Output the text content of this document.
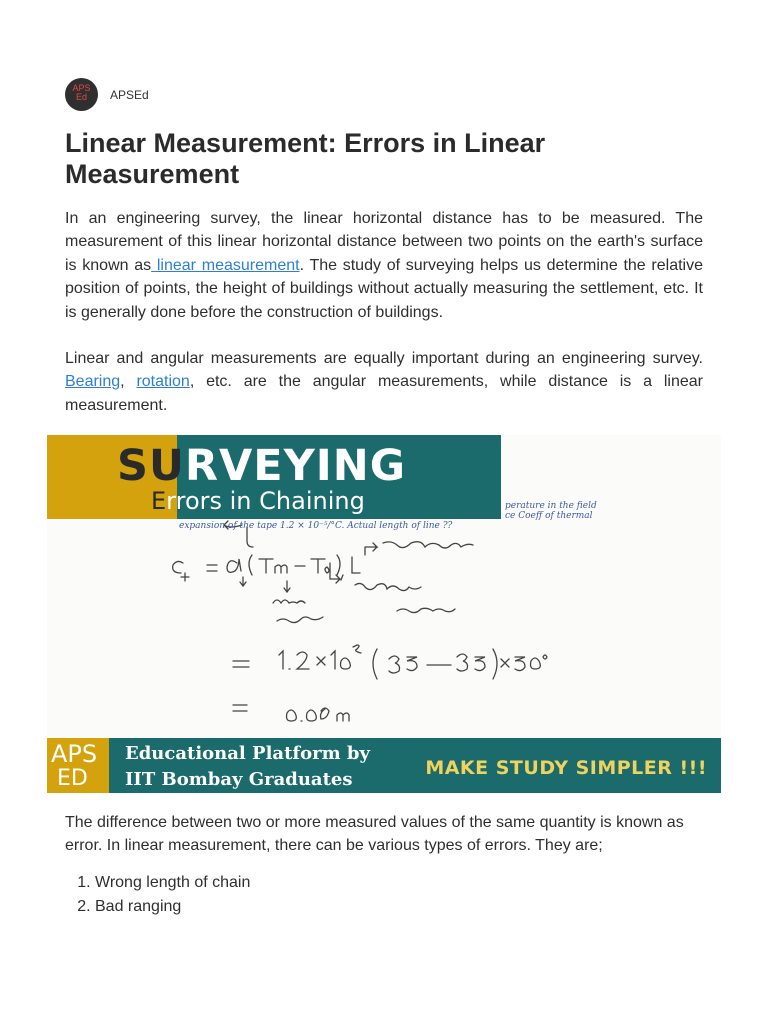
APS
Ed	APSEd
Linear Measurement: Errors in Linear Measurement

In an engineering survey, the linear horizontal distance has to be measured. The measurement of this linear horizontal distance between two points on the earth's surface is known as linear measurement. The study of surveying helps us determine the relative position of points, the height of buildings without actually measuring the settlement, etc. It is generally done before the construction of buildings.

Linear and angular measurements are equally important during an engineering survey. Bearing, rotation, etc. are the angular measurements, while distance is a linear measurement.

expansion of the tape 1.2 × 10⁻⁵/°C. Actual length of line ??
perature in the field
ce Coeff of thermal
SURVEYING
Errors in Chaining
APS
ED
Educational Platform by
IIT Bombay Graduates
MAKE STUDY SIMPLER !!!

The difference between two or more measured values of the same quantity is known as error. In linear measurement, there can be various types of errors. They are;

1. Wrong length of chain
2. Bad ranging
